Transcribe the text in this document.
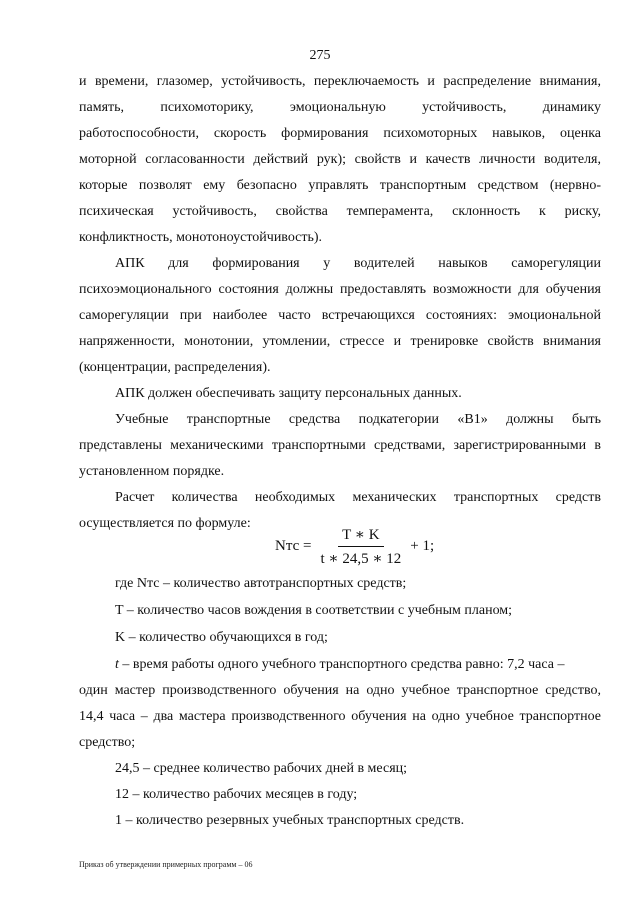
275
и времени, глазомер, устойчивость, переключаемость и распределение внимания,
память, психомоторику, эмоциональную устойчивость, динамику
работоспособности, скорость формирования психомоторных навыков, оценка
моторной согласованности действий рук); свойств и качеств личности водителя,
которые позволят ему безопасно управлять транспортным средством (нервно-
психическая устойчивость, свойства темперамента, склонность к риску,
конфликтность, монотоноустойчивость).
АПК для формирования у водителей навыков саморегуляции
психоэмоционального состояния должны предоставлять возможности для обучения
саморегуляции при наиболее часто встречающихся состояниях: эмоциональной
напряженности, монотонии, утомлении, стрессе и тренировке свойств внимания
(концентрации, распределения).
АПК должен обеспечивать защиту персональных данных.
Учебные транспортные средства подкатегории «B1» должны быть
представлены механическими транспортными средствами, зарегистрированными в
установленном порядке.
Расчет количества необходимых механических транспортных средств
осуществляется по формуле:
Nтс = $\frac{T ∗ K}{t ∗ 24,5 ∗ 12} + 1$;
где Nтс – количество автотранспортных средств;
T – количество часов вождения в соответствии с учебным планом;
K – количество обучающихся в год;
t – время работы одного учебного транспортного средства равно: 7,2 часа –
один мастер производственного обучения на одно учебное транспортное средство,
14,4 часа – два мастера производственного обучения на одно учебное транспортное
средство;
24,5 – среднее количество рабочих дней в месяц;
12 – количество рабочих месяцев в году;
1 – количество резервных учебных транспортных средств.
Приказ об утверждении примерных программ – 06
